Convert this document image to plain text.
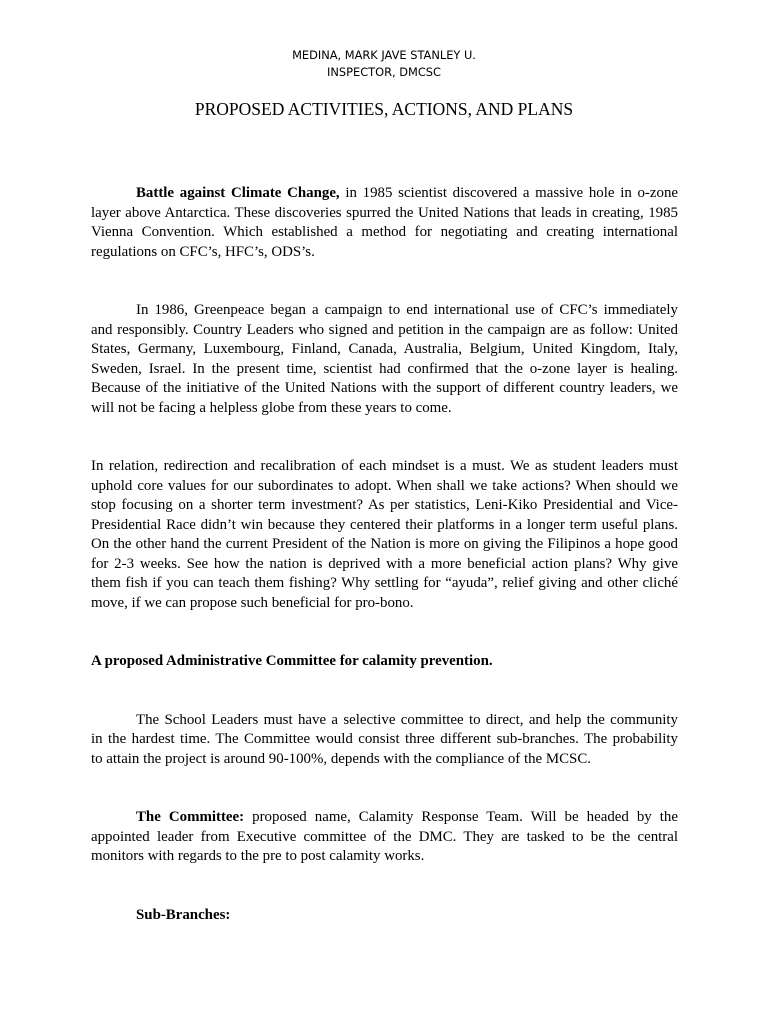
MEDINA, MARK JAVE STANLEY U.
INSPECTOR, DMCSC
PROPOSED ACTIVITIES, ACTIONS, AND PLANS
Battle against Climate Change, in 1985 scientist discovered a massive hole in o-zone
layer above Antarctica. These discoveries spurred the United Nations that leads in creating, 1985
Vienna Convention. Which established a method for negotiating and creating international
regulations on CFC’s, HFC’s, ODS’s.
In 1986, Greenpeace began a campaign to end international use of CFC’s immediately
and responsibly. Country Leaders who signed and petition in the campaign are as follow: United
States, Germany, Luxembourg, Finland, Canada, Australia, Belgium, United Kingdom, Italy,
Sweden, Israel. In the present time, scientist had confirmed that the o-zone layer is healing.
Because of the initiative of the United Nations with the support of different country leaders, we
will not be facing a helpless globe from these years to come.
In relation, redirection and recalibration of each mindset is a must. We as student leaders must
uphold core values for our subordinates to adopt. When shall we take actions? When should we
stop focusing on a shorter term investment? As per statistics, Leni-Kiko Presidential and Vice-
Presidential Race didn’t win because they centered their platforms in a longer term useful plans.
On the other hand the current President of the Nation is more on giving the Filipinos a hope good
for 2-3 weeks. See how the nation is deprived with a more beneficial action plans? Why give
them fish if you can teach them fishing? Why settling for “ayuda”, relief giving and other cliché
move, if we can propose such beneficial for pro-bono.
A proposed Administrative Committee for calamity prevention.
The School Leaders must have a selective committee to direct, and help the community
in the hardest time. The Committee would consist three different sub-branches. The probability
to attain the project is around 90-100%, depends with the compliance of the MCSC.
The Committee: proposed name, Calamity Response Team. Will be headed by the
appointed leader from Executive committee of the DMC. They are tasked to be the central
monitors with regards to the pre to post calamity works.
Sub-Branches:
